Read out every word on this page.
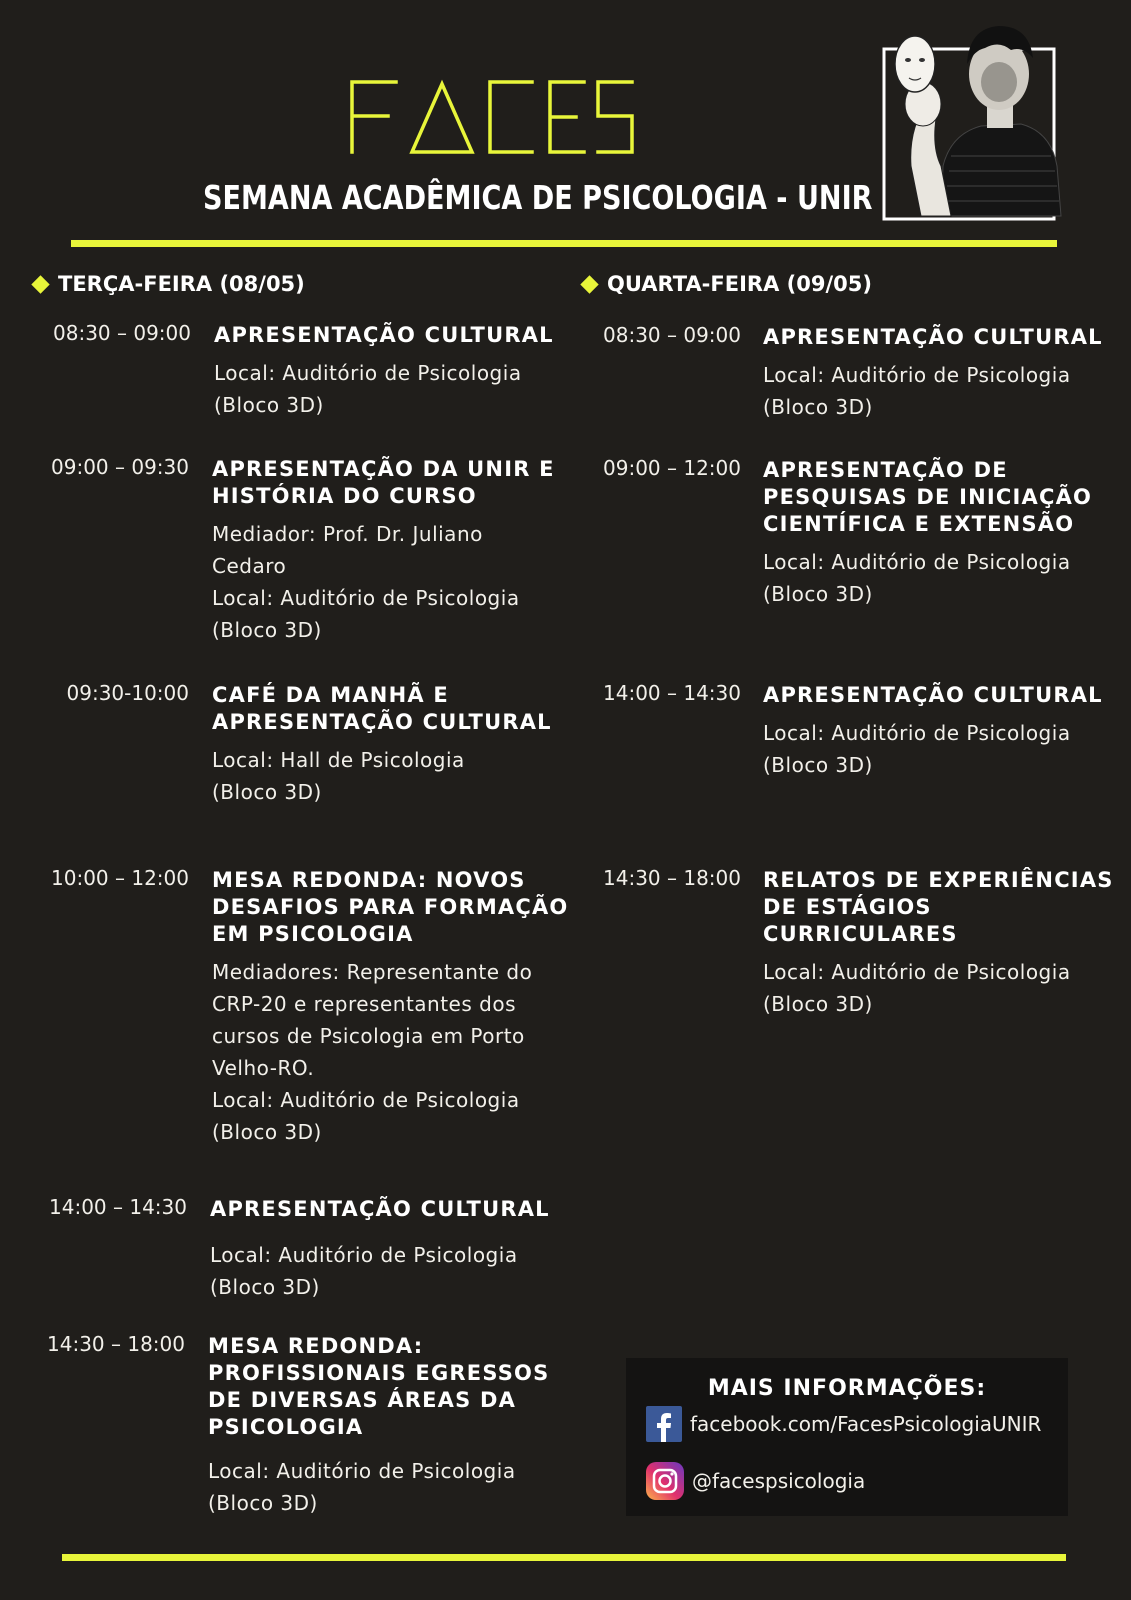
SEMANA ACADÊMICA DE PSICOLOGIA - UNIR
TERÇA-FEIRA (08/05)	QUARTA-FEIRA (09/05)
08:30 – 09:00 APRESENTAÇÃO CULTURAL
Local: Auditório de Psicologia
(Bloco 3D)
09:00 – 09:30 APRESENTAÇÃO DA UNIR E HISTÓRIA DO CURSO
Mediador: Prof. Dr. Juliano
Cedaro
Local: Auditório de Psicologia
(Bloco 3D)
09:30-10:00 CAFÉ DA MANHÃ E APRESENTAÇÃO CULTURAL
Local: Hall de Psicologia
(Bloco 3D)
10:00 – 12:00 MESA REDONDA: NOVOS DESAFIOS PARA FORMAÇÃO EM PSICOLOGIA
Mediadores: Representante do
CRP-20 e representantes dos
cursos de Psicologia em Porto
Velho-RO.
Local: Auditório de Psicologia
(Bloco 3D)
14:00 – 14:30 APRESENTAÇÃO CULTURAL
Local: Auditório de Psicologia
(Bloco 3D)
14:30 – 18:00 MESA REDONDA: PROFISSIONAIS EGRESSOS DE DIVERSAS ÁREAS DA PSICOLOGIA
Local: Auditório de Psicologia
(Bloco 3D)
08:30 – 09:00 APRESENTAÇÃO CULTURAL
Local: Auditório de Psicologia
(Bloco 3D)
09:00 – 12:00 APRESENTAÇÃO DE PESQUISAS DE INICIAÇÃO CIENTÍFICA E EXTENSÃO
Local: Auditório de Psicologia
(Bloco 3D)
14:00 – 14:30 APRESENTAÇÃO CULTURAL
Local: Auditório de Psicologia
(Bloco 3D)
14:30 – 18:00 RELATOS DE EXPERIÊNCIAS DE ESTÁGIOS CURRICULARES
Local: Auditório de Psicologia
(Bloco 3D)
MAIS INFORMAÇÕES:
facebook.com/FacesPsicologiaUNIR
@facespsicologia
